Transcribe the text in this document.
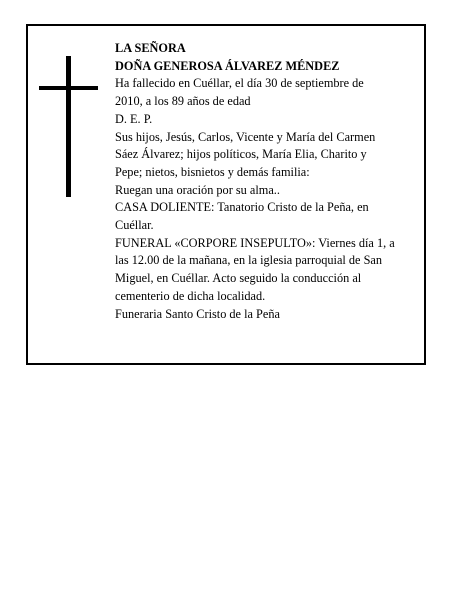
LA SEÑORA

DOÑA GENEROSA ÁLVAREZ MÉNDEZ

Ha fallecido en Cuéllar, el día 30 de septiembre de

2010, a los 89 años de edad

D. E. P.

Sus hijos, Jesús, Carlos, Vicente y María del Carmen

Sáez Álvarez; hijos políticos, María Elia, Charito y

Pepe; nietos, bisnietos y demás familia:

Ruegan una oración por su alma..

CASA DOLIENTE: Tanatorio Cristo de la Peña, en

Cuéllar.

FUNERAL «CORPORE INSEPULTO»: Viernes día 1, a

las 12.00 de la mañana, en la iglesia parroquial de San

Miguel, en Cuéllar. Acto seguido la conducción al

cementerio de dicha localidad.

Funeraria Santo Cristo de la Peña
